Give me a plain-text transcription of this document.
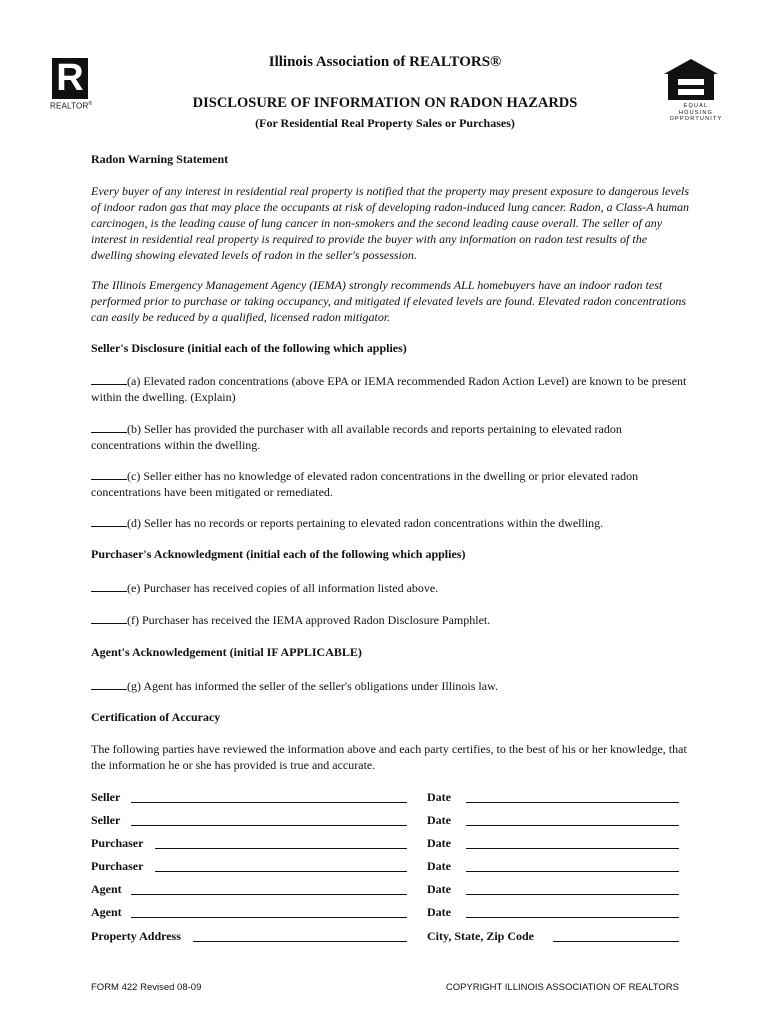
R
REALTOR®	EQUAL HOUSING
OPPORTUNITY
Illinois Association of REALTORS®
DISCLOSURE OF INFORMATION ON RADON HAZARDS
(For Residential Real Property Sales or Purchases)
Radon Warning Statement
Every buyer of any interest in residential real property is notified that the property may present exposure to dangerous levels of indoor radon gas that may place the occupants at risk of developing radon-induced lung cancer. Radon, a Class-A human carcinogen, is the leading cause of lung cancer in non-smokers and the second leading cause overall. The seller of any interest in residential real property is required to provide the buyer with any information on radon test results of the dwelling showing elevated levels of radon in the seller's possession.
The Illinois Emergency Management Agency (IEMA) strongly recommends ALL homebuyers have an indoor radon test performed prior to purchase or taking occupancy, and mitigated if elevated levels are found. Elevated radon concentrations can easily be reduced by a qualified, licensed radon mitigator.
Seller's Disclosure (initial each of the following which applies)
(a) Elevated radon concentrations (above EPA or IEMA recommended Radon Action Level) are known to be present within the dwelling. (Explain)
(b) Seller has provided the purchaser with all available records and reports pertaining to elevated radon concentrations within the dwelling.
(c) Seller either has no knowledge of elevated radon concentrations in the dwelling or prior elevated radon concentrations have been mitigated or remediated.
(d) Seller has no records or reports pertaining to elevated radon concentrations within the dwelling.
Purchaser's Acknowledgment (initial each of the following which applies)
(e) Purchaser has received copies of all information listed above.
(f) Purchaser has received the IEMA approved Radon Disclosure Pamphlet.
Agent's Acknowledgement (initial IF APPLICABLE)
(g) Agent has informed the seller of the seller's obligations under Illinois law.
Certification of Accuracy
The following parties have reviewed the information above and each party certifies, to the best of his or her knowledge, that the information he or she has provided is true and accurate.
Seller	Date
Seller	Date
Purchaser	Date
Purchaser	Date
Agent	Date
Agent	Date
Property Address	City, State, Zip Code
FORM 422 Revised 08-09	COPYRIGHT ILLINOIS ASSOCIATION OF REALTORS
